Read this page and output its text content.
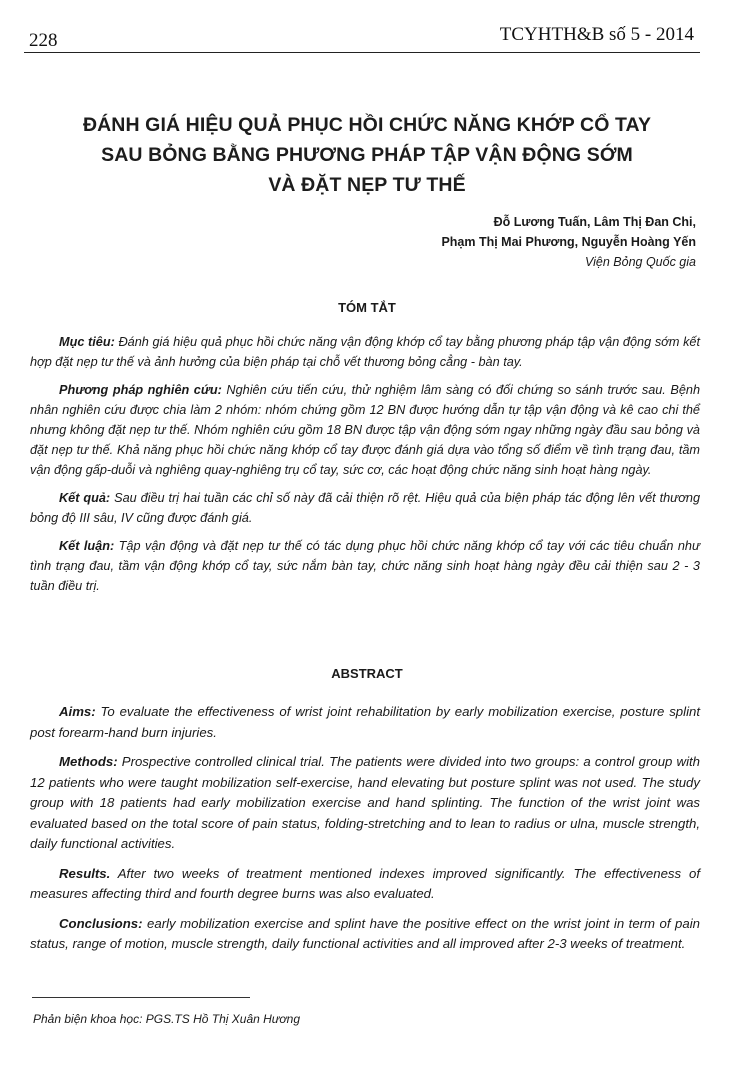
228	TCYHTH&B số 5 - 2014
ĐÁNH GIÁ HIỆU QUẢ PHỤC HỒI CHỨC NĂNG KHỚP CỔ TAY
SAU BỎNG BẰNG PHƯƠNG PHÁP TẬP VẬN ĐỘNG SỚM
VÀ ĐẶT NẸP TƯ THẾ
Đỗ Lương Tuấn, Lâm Thị Đan Chi,
Phạm Thị Mai Phương, Nguyễn Hoàng Yến
Viện Bỏng Quốc gia
TÓM TẮT

Mục tiêu: Đánh giá hiệu quả phục hồi chức năng vận động khớp cổ tay bằng phương pháp tập vận động sớm kết hợp đặt nẹp tư thế và ảnh hưởng của biện pháp tại chỗ vết thương bỏng cẳng - bàn tay.

Phương pháp nghiên cứu: Nghiên cứu tiến cứu, thử nghiệm lâm sàng có đối chứng so sánh trước sau. Bệnh nhân nghiên cứu được chia làm 2 nhóm: nhóm chứng gồm 12 BN được hướng dẫn tự tập vận động và kê cao chi thể nhưng không đặt nẹp tư thế. Nhóm nghiên cứu gồm 18 BN được tập vận động sớm ngay những ngày đầu sau bỏng và đặt nẹp tư thế. Khả năng phục hồi chức năng khớp cổ tay được đánh giá dựa vào tổng số điểm về tình trạng đau, tầm vận động gấp-duỗi và nghiêng quay-nghiêng trụ cổ tay, sức cơ, các hoạt động chức năng sinh hoạt hàng ngày.

Kết quả: Sau điều trị hai tuần các chỉ số này đã cải thiện rõ rệt. Hiệu quả của biện pháp tác động lên vết thương bỏng độ III sâu, IV cũng được đánh giá.

Kết luận: Tập vận động và đặt nẹp tư thế có tác dụng phục hồi chức năng khớp cổ tay với các tiêu chuẩn như tình trạng đau, tầm vận động khớp cổ tay, sức nắm bàn tay, chức năng sinh hoạt hàng ngày đều cải thiện sau 2 - 3 tuần điều trị.

ABSTRACT

Aims: To evaluate the effectiveness of wrist joint rehabilitation by early mobilization exercise, posture splint post forearm-hand burn injuries.

Methods: Prospective controlled clinical trial. The patients were divided into two groups: a control group with 12 patients who were taught mobilization self-exercise, hand elevating but posture splint was not used. The study group with 18 patients had early mobilization exercise and hand splinting. The function of the wrist joint was evaluated based on the total score of pain status, folding-stretching and to lean to radius or ulna, muscle strength, daily functional activities.

Results. After two weeks of treatment mentioned indexes improved significantly. The effectiveness of measures affecting third and fourth degree burns was also evaluated.

Conclusions: early mobilization exercise and splint have the positive effect on the wrist joint in term of pain status, range of motion, muscle strength, daily functional activities and all improved after 2-3 weeks of treatment.

Phản biện khoa học: PGS.TS Hồ Thị Xuân Hương
